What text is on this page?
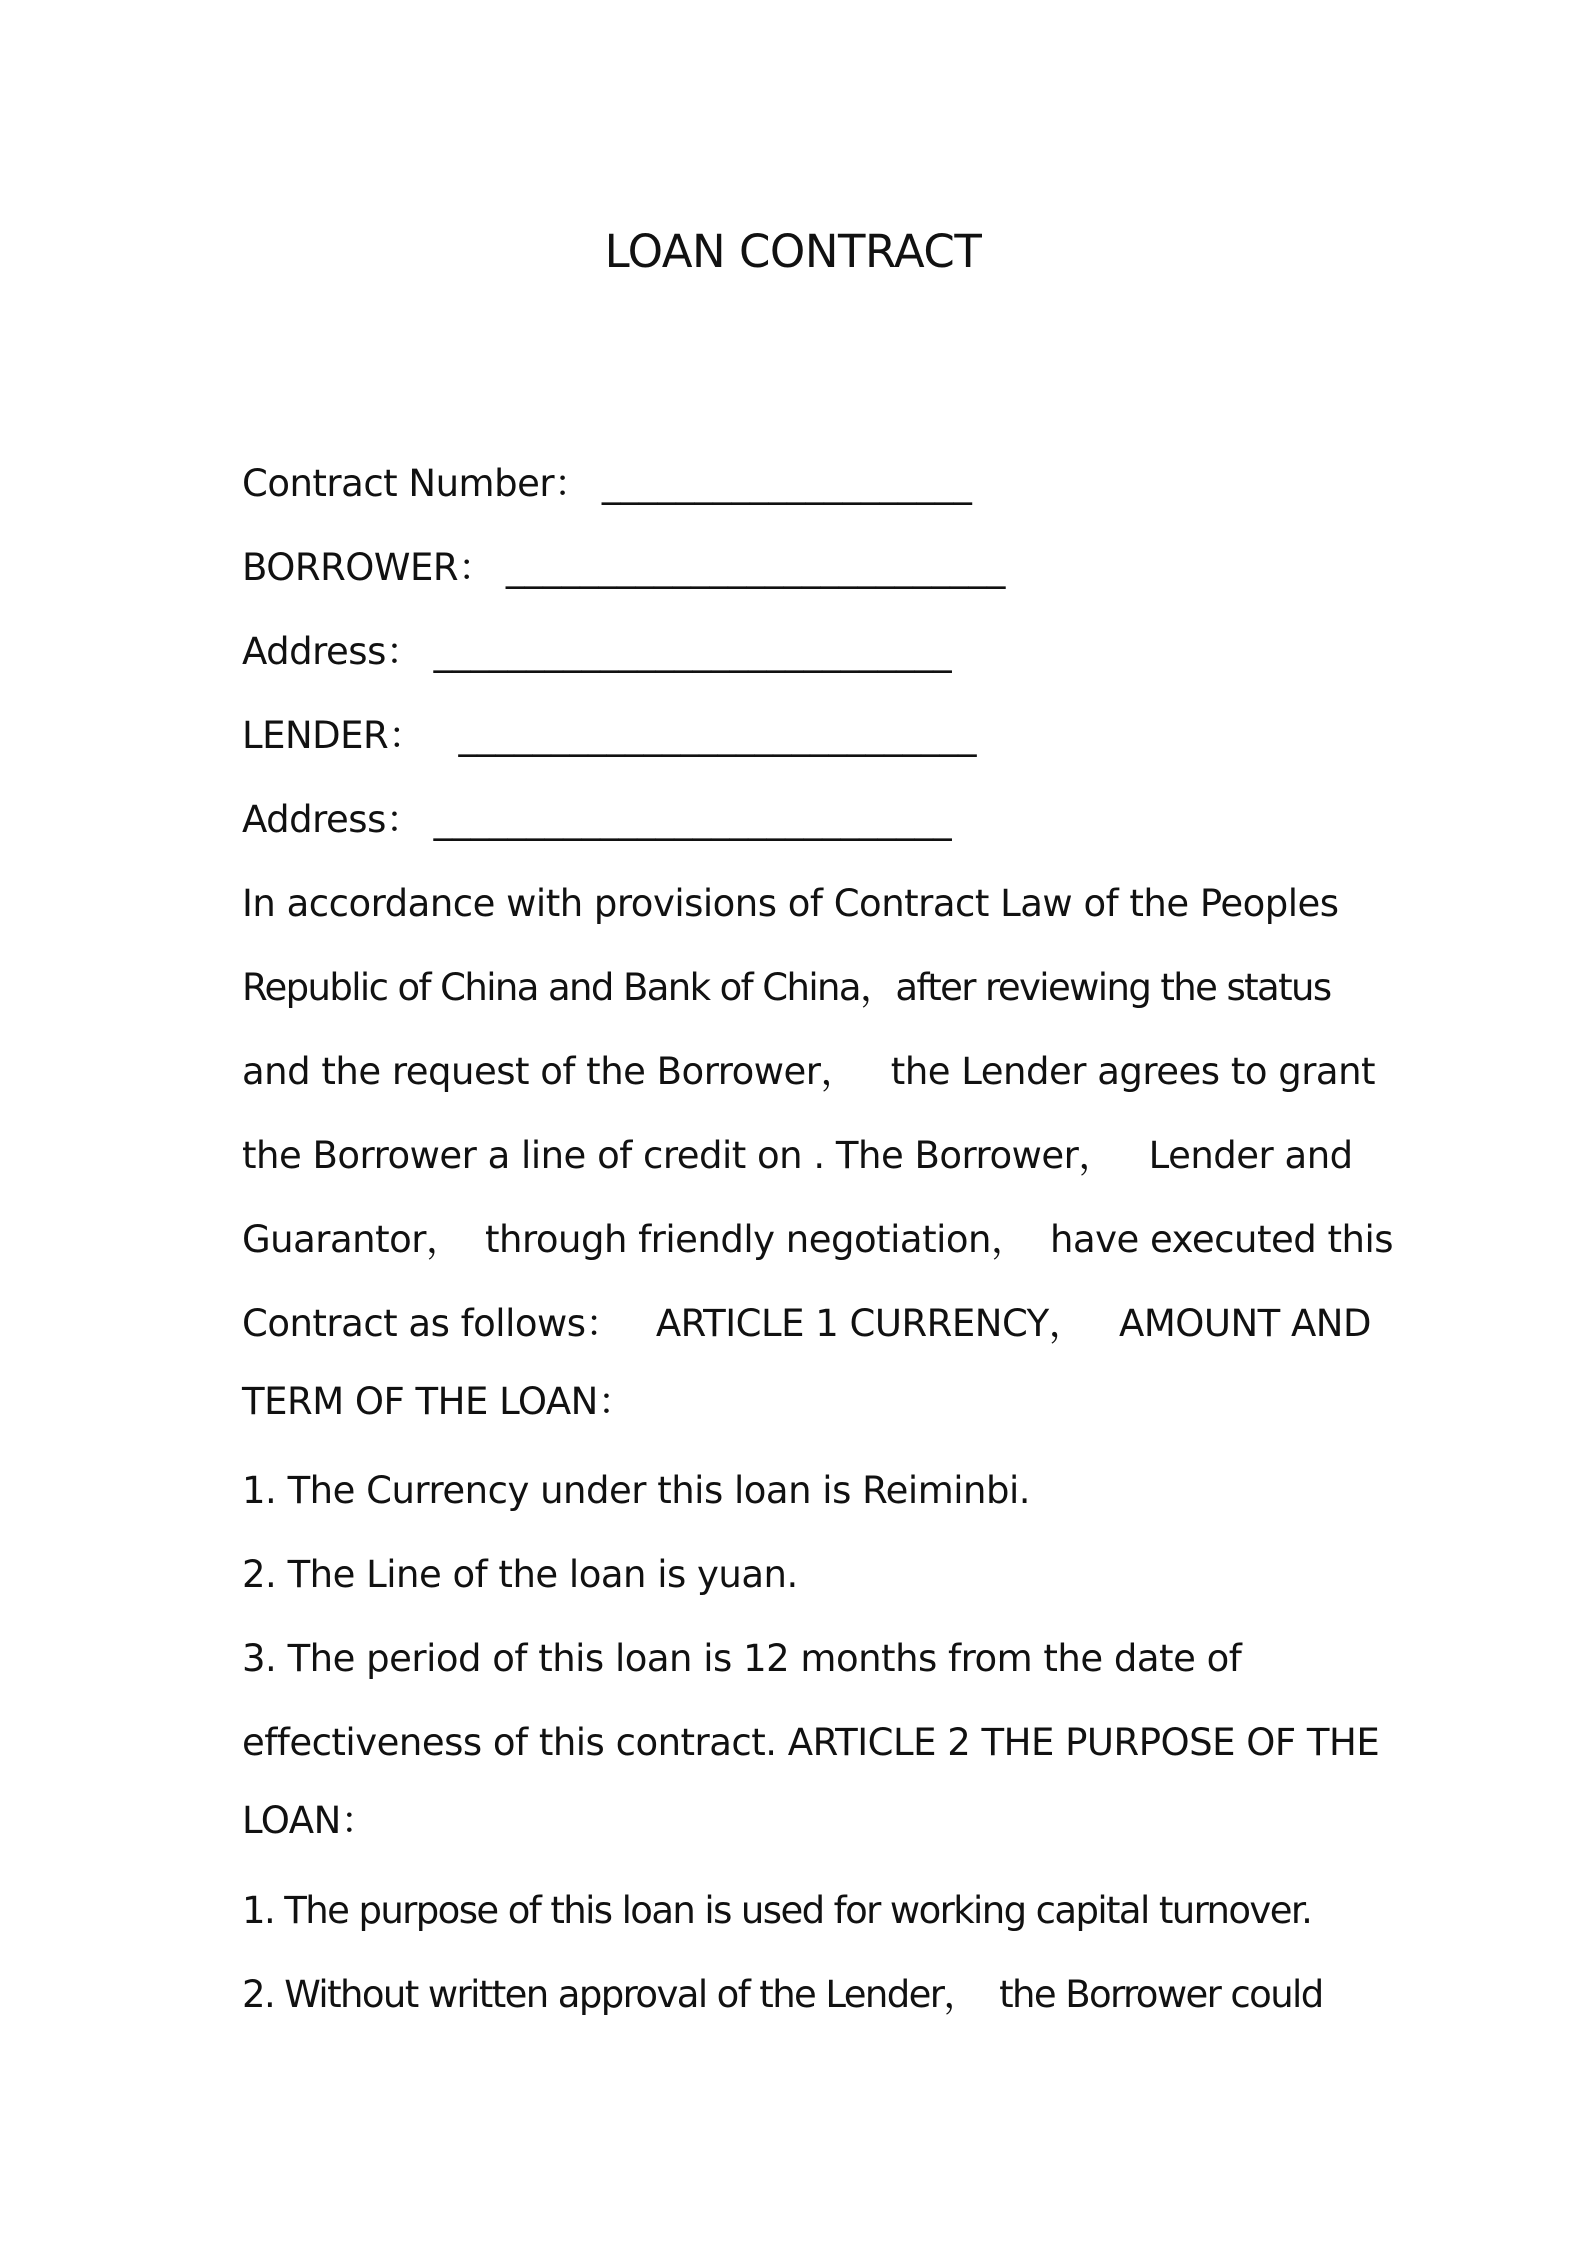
LOAN CONTRACT
Contract Number： ____________________
BORROWER： ___________________________
Address： ____________________________
LENDER： ____________________________
Address： ____________________________

In accordance with provisions of Contract Law of the Peoples

Republic of China and Bank of China，after reviewing the status

and the request of the Borrower，   the Lender agrees to grant

the Borrower a line of credit on . The Borrower，   Lender and

Guarantor，  through friendly negotiation，  have executed this

Contract as follows：   ARTICLE 1 CURRENCY，   AMOUNT AND

TERM OF THE LOAN：

1. The Currency under this loan is Reiminbi.

2. The Line of the loan is yuan.

3. The period of this loan is 12 months from the date of

effectiveness of this contract. ARTICLE 2 THE PURPOSE OF THE

LOAN：

1. The purpose of this loan is used for working capital turnover.

2. Without written approval of the Lender，  the Borrower could
